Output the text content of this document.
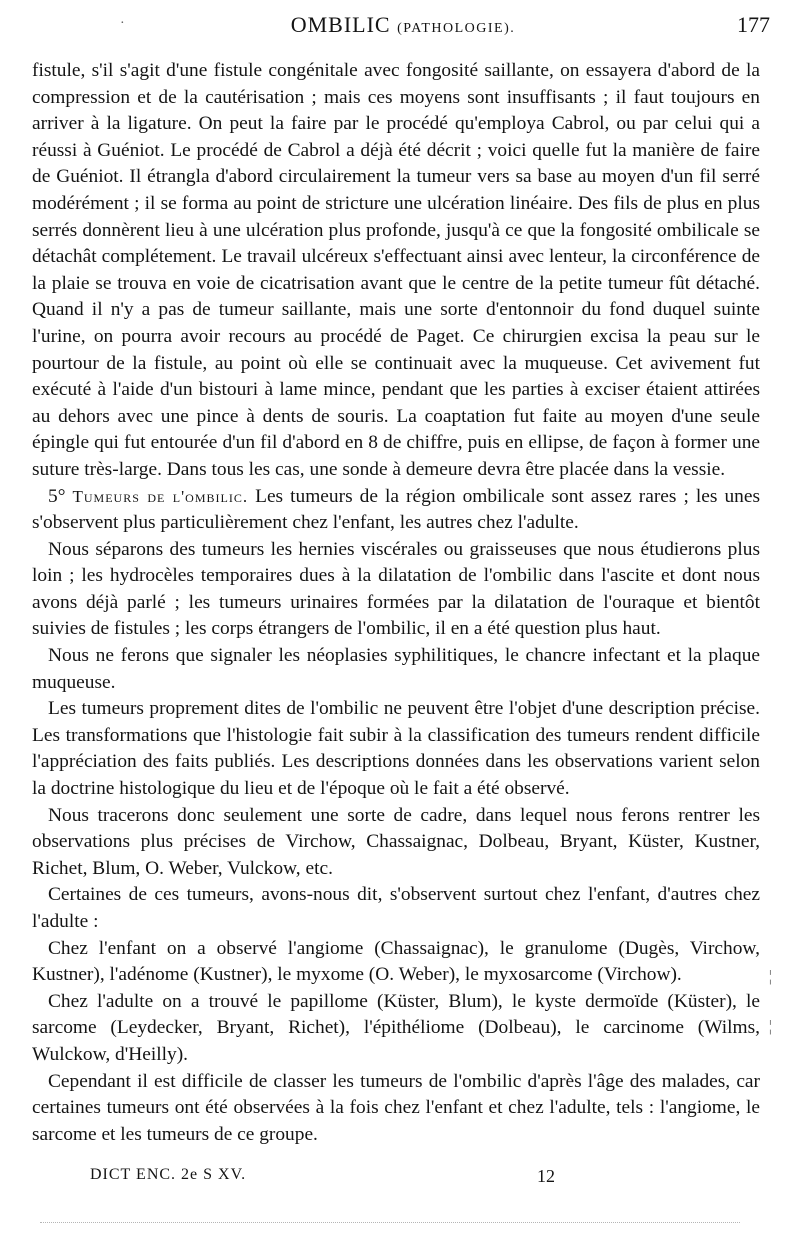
·	OMBILIC (PATHOLOGIE).	177

fistule, s'il s'agit d'une fistule congénitale avec fongosité saillante, on essayera d'abord de la compression et de la cautérisation ; mais ces moyens sont insuffisants ; il faut toujours en arriver à la ligature. On peut la faire par le procédé qu'employa Cabrol, ou par celui qui a réussi à Guéniot. Le procédé de Cabrol a déjà été décrit ; voici quelle fut la manière de faire de Guéniot. Il étrangla d'abord circulairement la tumeur vers sa base au moyen d'un fil serré modérément ; il se forma au point de stricture une ulcération linéaire. Des fils de plus en plus serrés donnèrent lieu à une ulcération plus profonde, jusqu'à ce que la fongosité ombilicale se détachât complétement. Le travail ulcéreux s'effectuant ainsi avec lenteur, la circonférence de la plaie se trouva en voie de cicatrisation avant que le centre de la petite tumeur fût détaché. Quand il n'y a pas de tumeur saillante, mais une sorte d'entonnoir du fond duquel suinte l'urine, on pourra avoir recours au procédé de Paget. Ce chirurgien excisa la peau sur le pourtour de la fistule, au point où elle se continuait avec la muqueuse. Cet avivement fut exécuté à l'aide d'un bistouri à lame mince, pendant que les parties à exciser étaient attirées au dehors avec une pince à dents de souris. La coaptation fut faite au moyen d'une seule épingle qui fut entourée d'un fil d'abord en 8 de chiffre, puis en ellipse, de façon à former une suture très-large. Dans tous les cas, une sonde à demeure devra être placée dans la vessie.

5° Tumeurs de l'ombilic. Les tumeurs de la région ombilicale sont assez rares ; les unes s'observent plus particulièrement chez l'enfant, les autres chez l'adulte.

Nous séparons des tumeurs les hernies viscérales ou graisseuses que nous étudierons plus loin ; les hydrocèles temporaires dues à la dilatation de l'ombilic dans l'ascite et dont nous avons déjà parlé ; les tumeurs urinaires formées par la dilatation de l'ouraque et bientôt suivies de fistules ; les corps étrangers de l'ombilic, il en a été question plus haut.

Nous ne ferons que signaler les néoplasies syphilitiques, le chancre infectant et la plaque muqueuse.

Les tumeurs proprement dites de l'ombilic ne peuvent être l'objet d'une description précise. Les transformations que l'histologie fait subir à la classification des tumeurs rendent difficile l'appréciation des faits publiés. Les descriptions données dans les observations varient selon la doctrine histologique du lieu et de l'époque où le fait a été observé.

Nous tracerons donc seulement une sorte de cadre, dans lequel nous ferons rentrer les observations plus précises de Virchow, Chassaignac, Dolbeau, Bryant, Küster, Kustner, Richet, Blum, O. Weber, Vulckow, etc.

Certaines de ces tumeurs, avons-nous dit, s'observent surtout chez l'enfant, d'autres chez l'adulte :

Chez l'enfant on a observé l'angiome (Chassaignac), le granulome (Dugès, Virchow, Kustner), l'adénome (Kustner), le myxome (O. Weber), le myxosarcome (Virchow).

Chez l'adulte on a trouvé le papillome (Küster, Blum), le kyste dermoïde (Küster), le sarcome (Leydecker, Bryant, Richet), l'épithéliome (Dolbeau), le carcinome (Wilms, Wulckow, d'Heilly).

Cependant il est difficile de classer les tumeurs de l'ombilic d'après l'âge des malades, car certaines tumeurs ont été observées à la fois chez l'enfant et chez l'adulte, tels : l'angiome, le sarcome et les tumeurs de ce groupe.

¦
¦
DICT ENC. 2e S XV.	12
